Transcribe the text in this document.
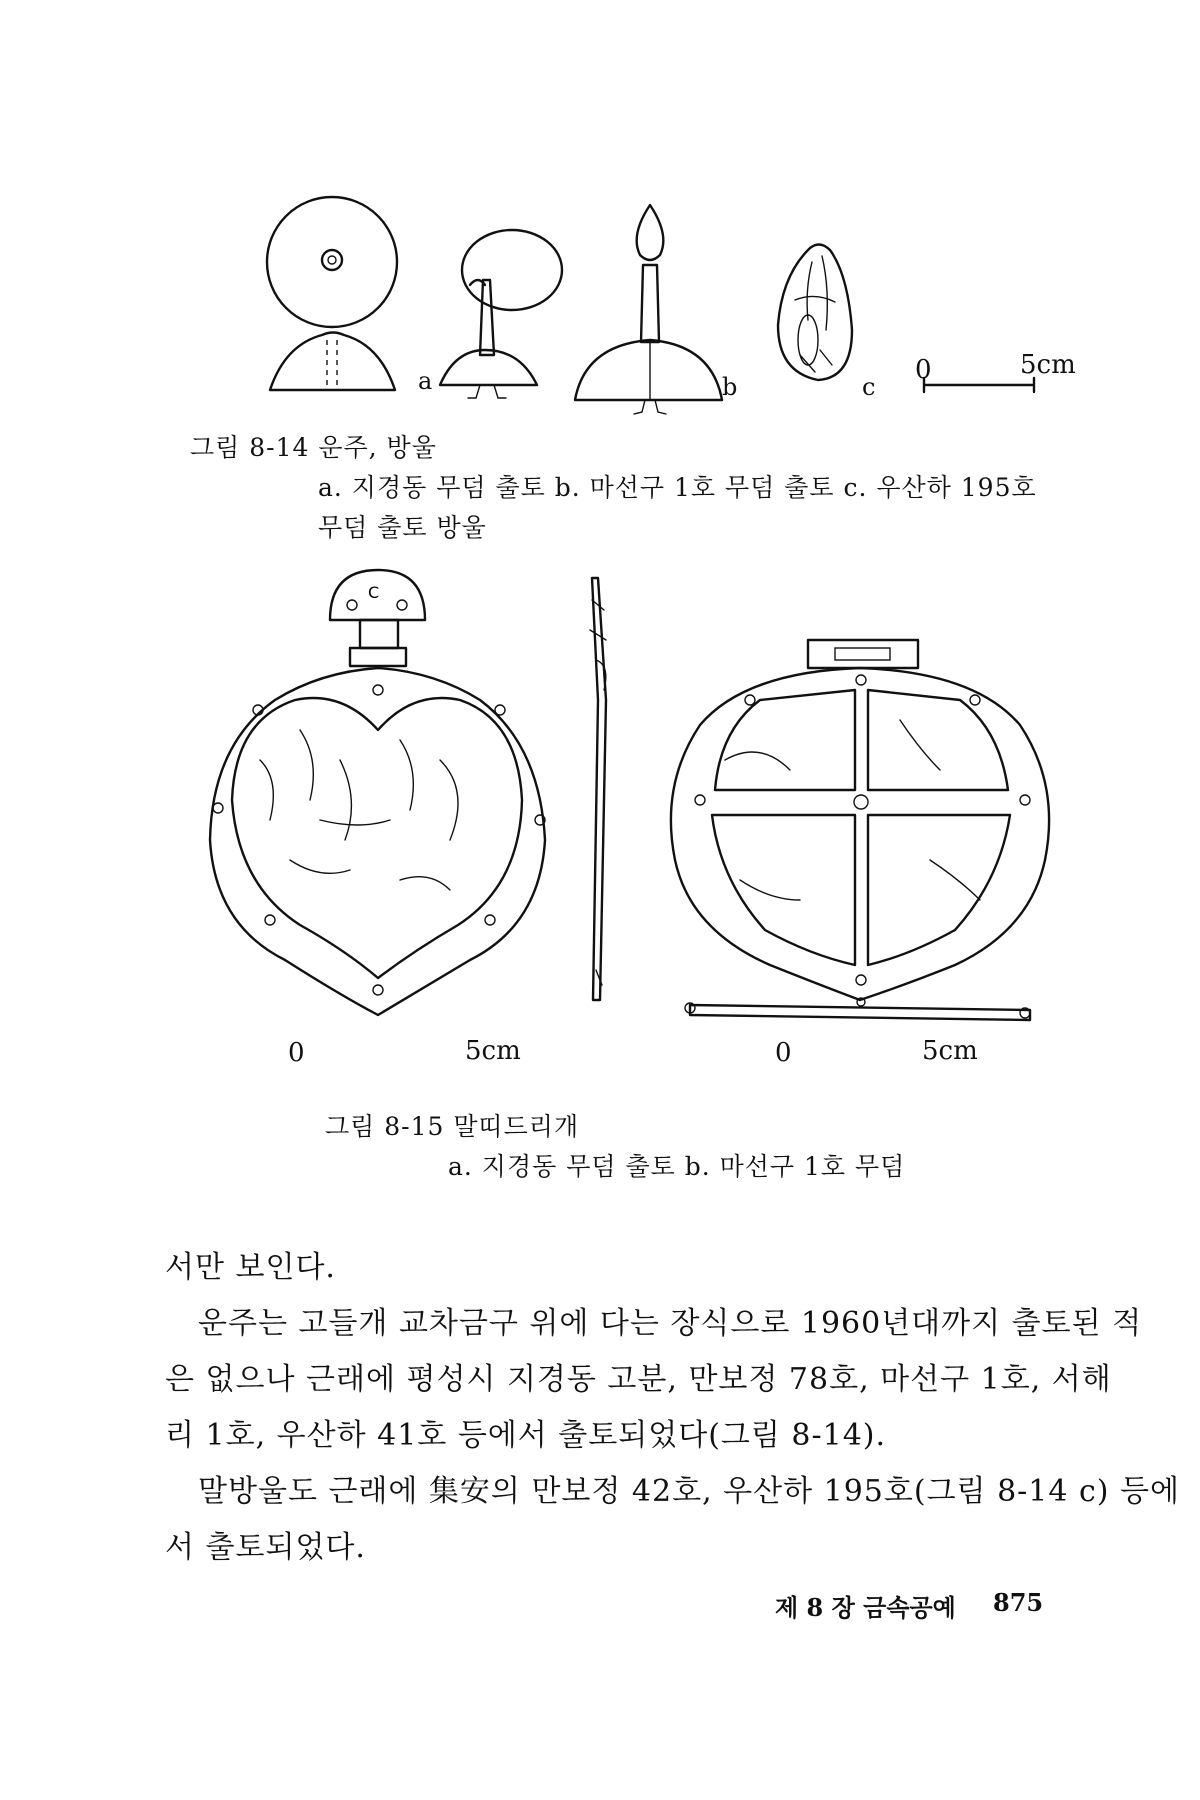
a	b	c
0	5cm
그림 8-14 운주, 방울
a. 지경동 무덤 출토 b. 마선구 1호 무덤 출토 c. 우산하 195호
무덤 출토 방울
C
0	5cm	0	5cm
그림 8-15 말띠드리개
a. 지경동 무덤 출토 b. 마선구 1호 무덤
서만 보인다.
운주는 고들개 교차금구 위에 다는 장식으로 1960년대까지 출토된 적
은 없으나 근래에 평성시 지경동 고분, 만보정 78호, 마선구 1호, 서해
리 1호, 우산하 41호 등에서 출토되었다(그림 8-14).
말방울도 근래에 集安의 만보정 42호, 우산하 195호(그림 8-14 c) 등에
서 출토되었다.
제 8 장 금속공예 875
